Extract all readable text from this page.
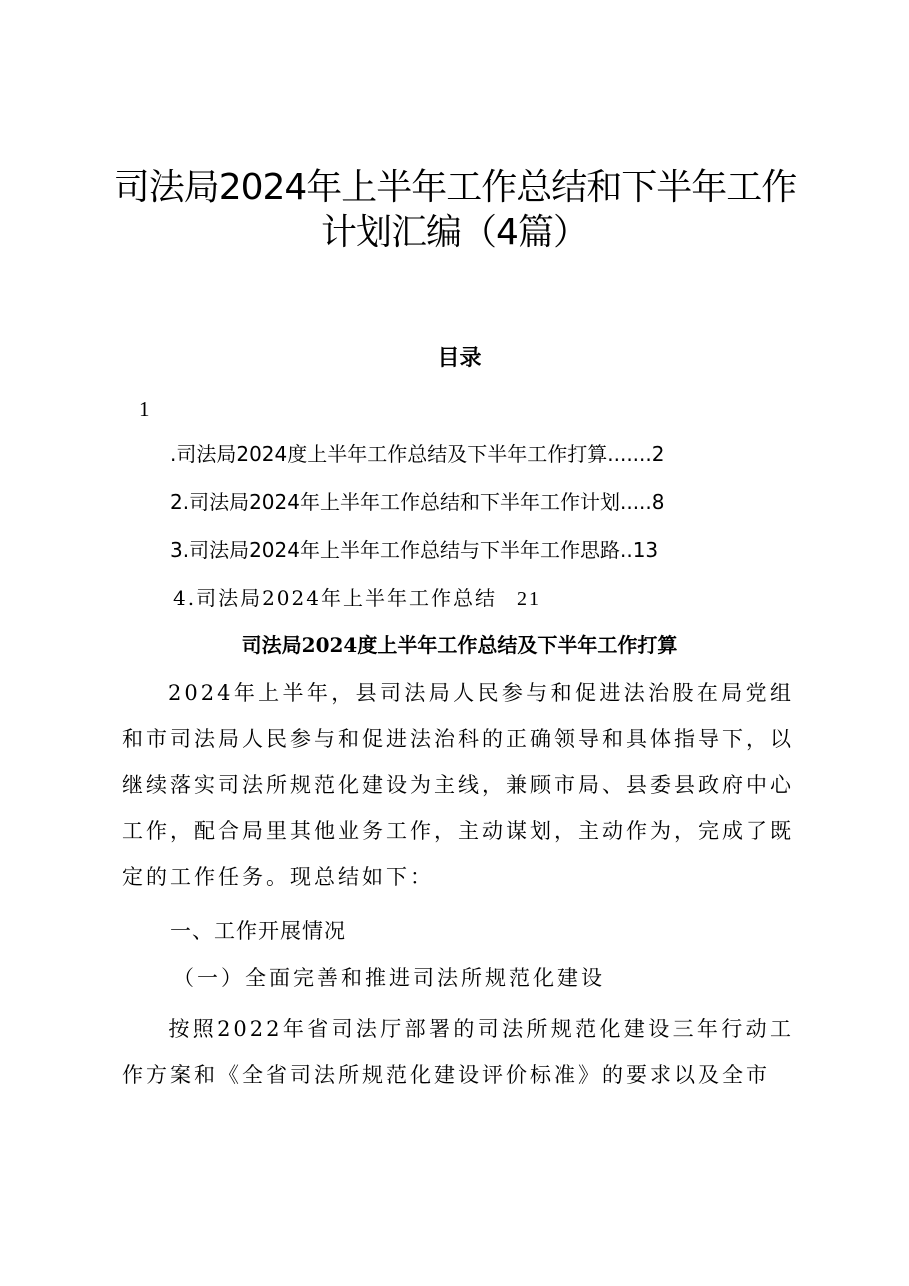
司法局2024年上半年工作总结和下半年工作
计划汇编（4篇）
目录
1
.司法局2024度上半年工作总结及下半年工作打算.......2
2.司法局2024年上半年工作总结和下半年工作计划.....8
3.司法局2024年上半年工作总结与下半年工作思路..13
4.司法局2024年上半年工作总结 21
司法局2024度上半年工作总结及下半年工作打算

2024年上半年，县司法局人民参与和促进法治股在局党组和市司法局人民参与和促进法治科的正确领导和具体指导下，以继续落实司法所规范化建设为主线，兼顾市局、县委县政府中心工作，配合局里其他业务工作，主动谋划，主动作为，完成了既定的工作任务。现总结如下：

一、工作开展情况
（一）全面完善和推进司法所规范化建设

按照2022年省司法厅部署的司法所规范化建设三年行动工作方案和《全省司法所规范化建设评价标准》的要求以及全市
